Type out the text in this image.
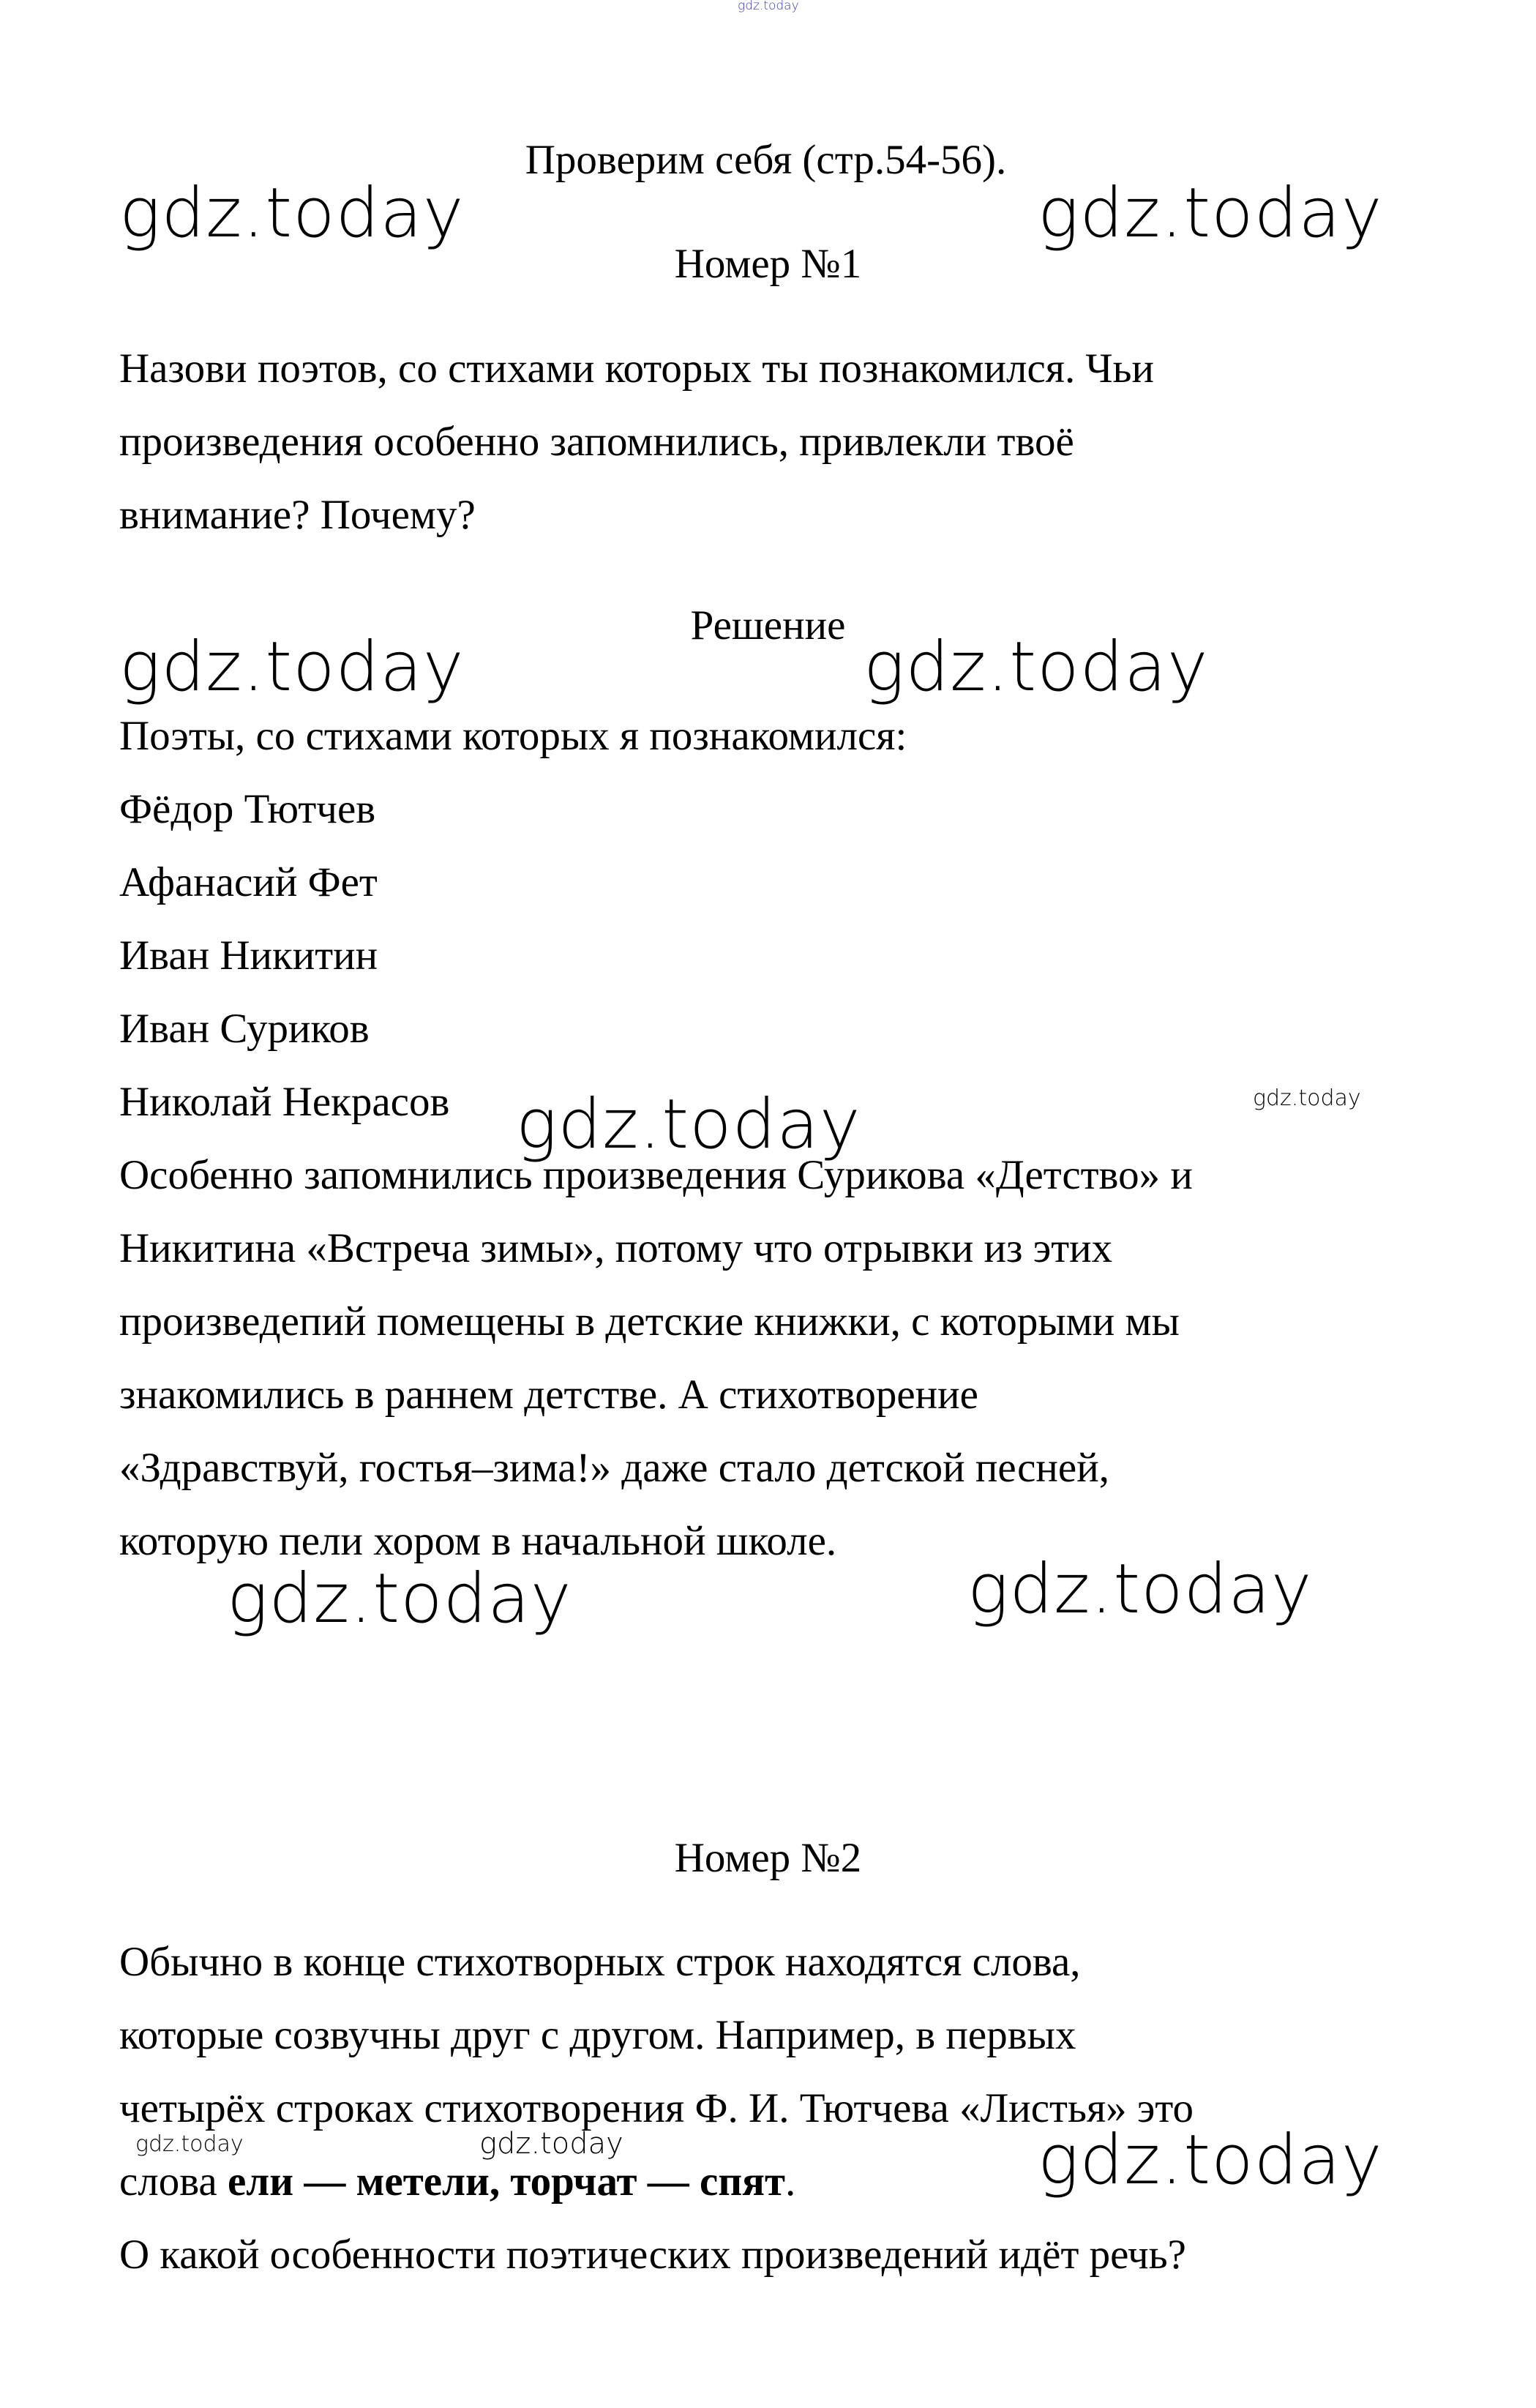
gdz.today
Проверим себя (стр.54-56).
gdz.today	gdz.today
Номер №1
Назови поэтов, со стихами которых ты познакомился. Чьи
произведения особенно запомнились, привлекли твоё
внимание? Почему?
Решение
gdz.today	gdz.today
Поэты, со стихами которых я познакомился:
Фёдор Тютчев
Афанасий Фет
Иван Никитин
Иван Суриков
Николай Некрасов gdz.today	gdz.today
Особенно запомнились произведения Сурикова «Детство» и
Никитина «Встреча зимы», потому что отрывки из этих
произведепий помещены в детские книжки, с которыми мы
знакомились в раннем детстве. А стихотворение
«Здравствуй, гостья–зима!» даже стало детской песней,
которую пели хором в начальной школе.
gdz.today	gdz.today
Номер №2
Обычно в конце стихотворных строк находятся слова,
которые созвучны друг с другом. Например, в первых
четырёх строках стихотворения Ф. И. Тютчева «Листья» это
gdz.today	gdz.today	gdz.today
слова ели — метели, торчат — спят.
О какой особенности поэтических произведений идёт речь?
